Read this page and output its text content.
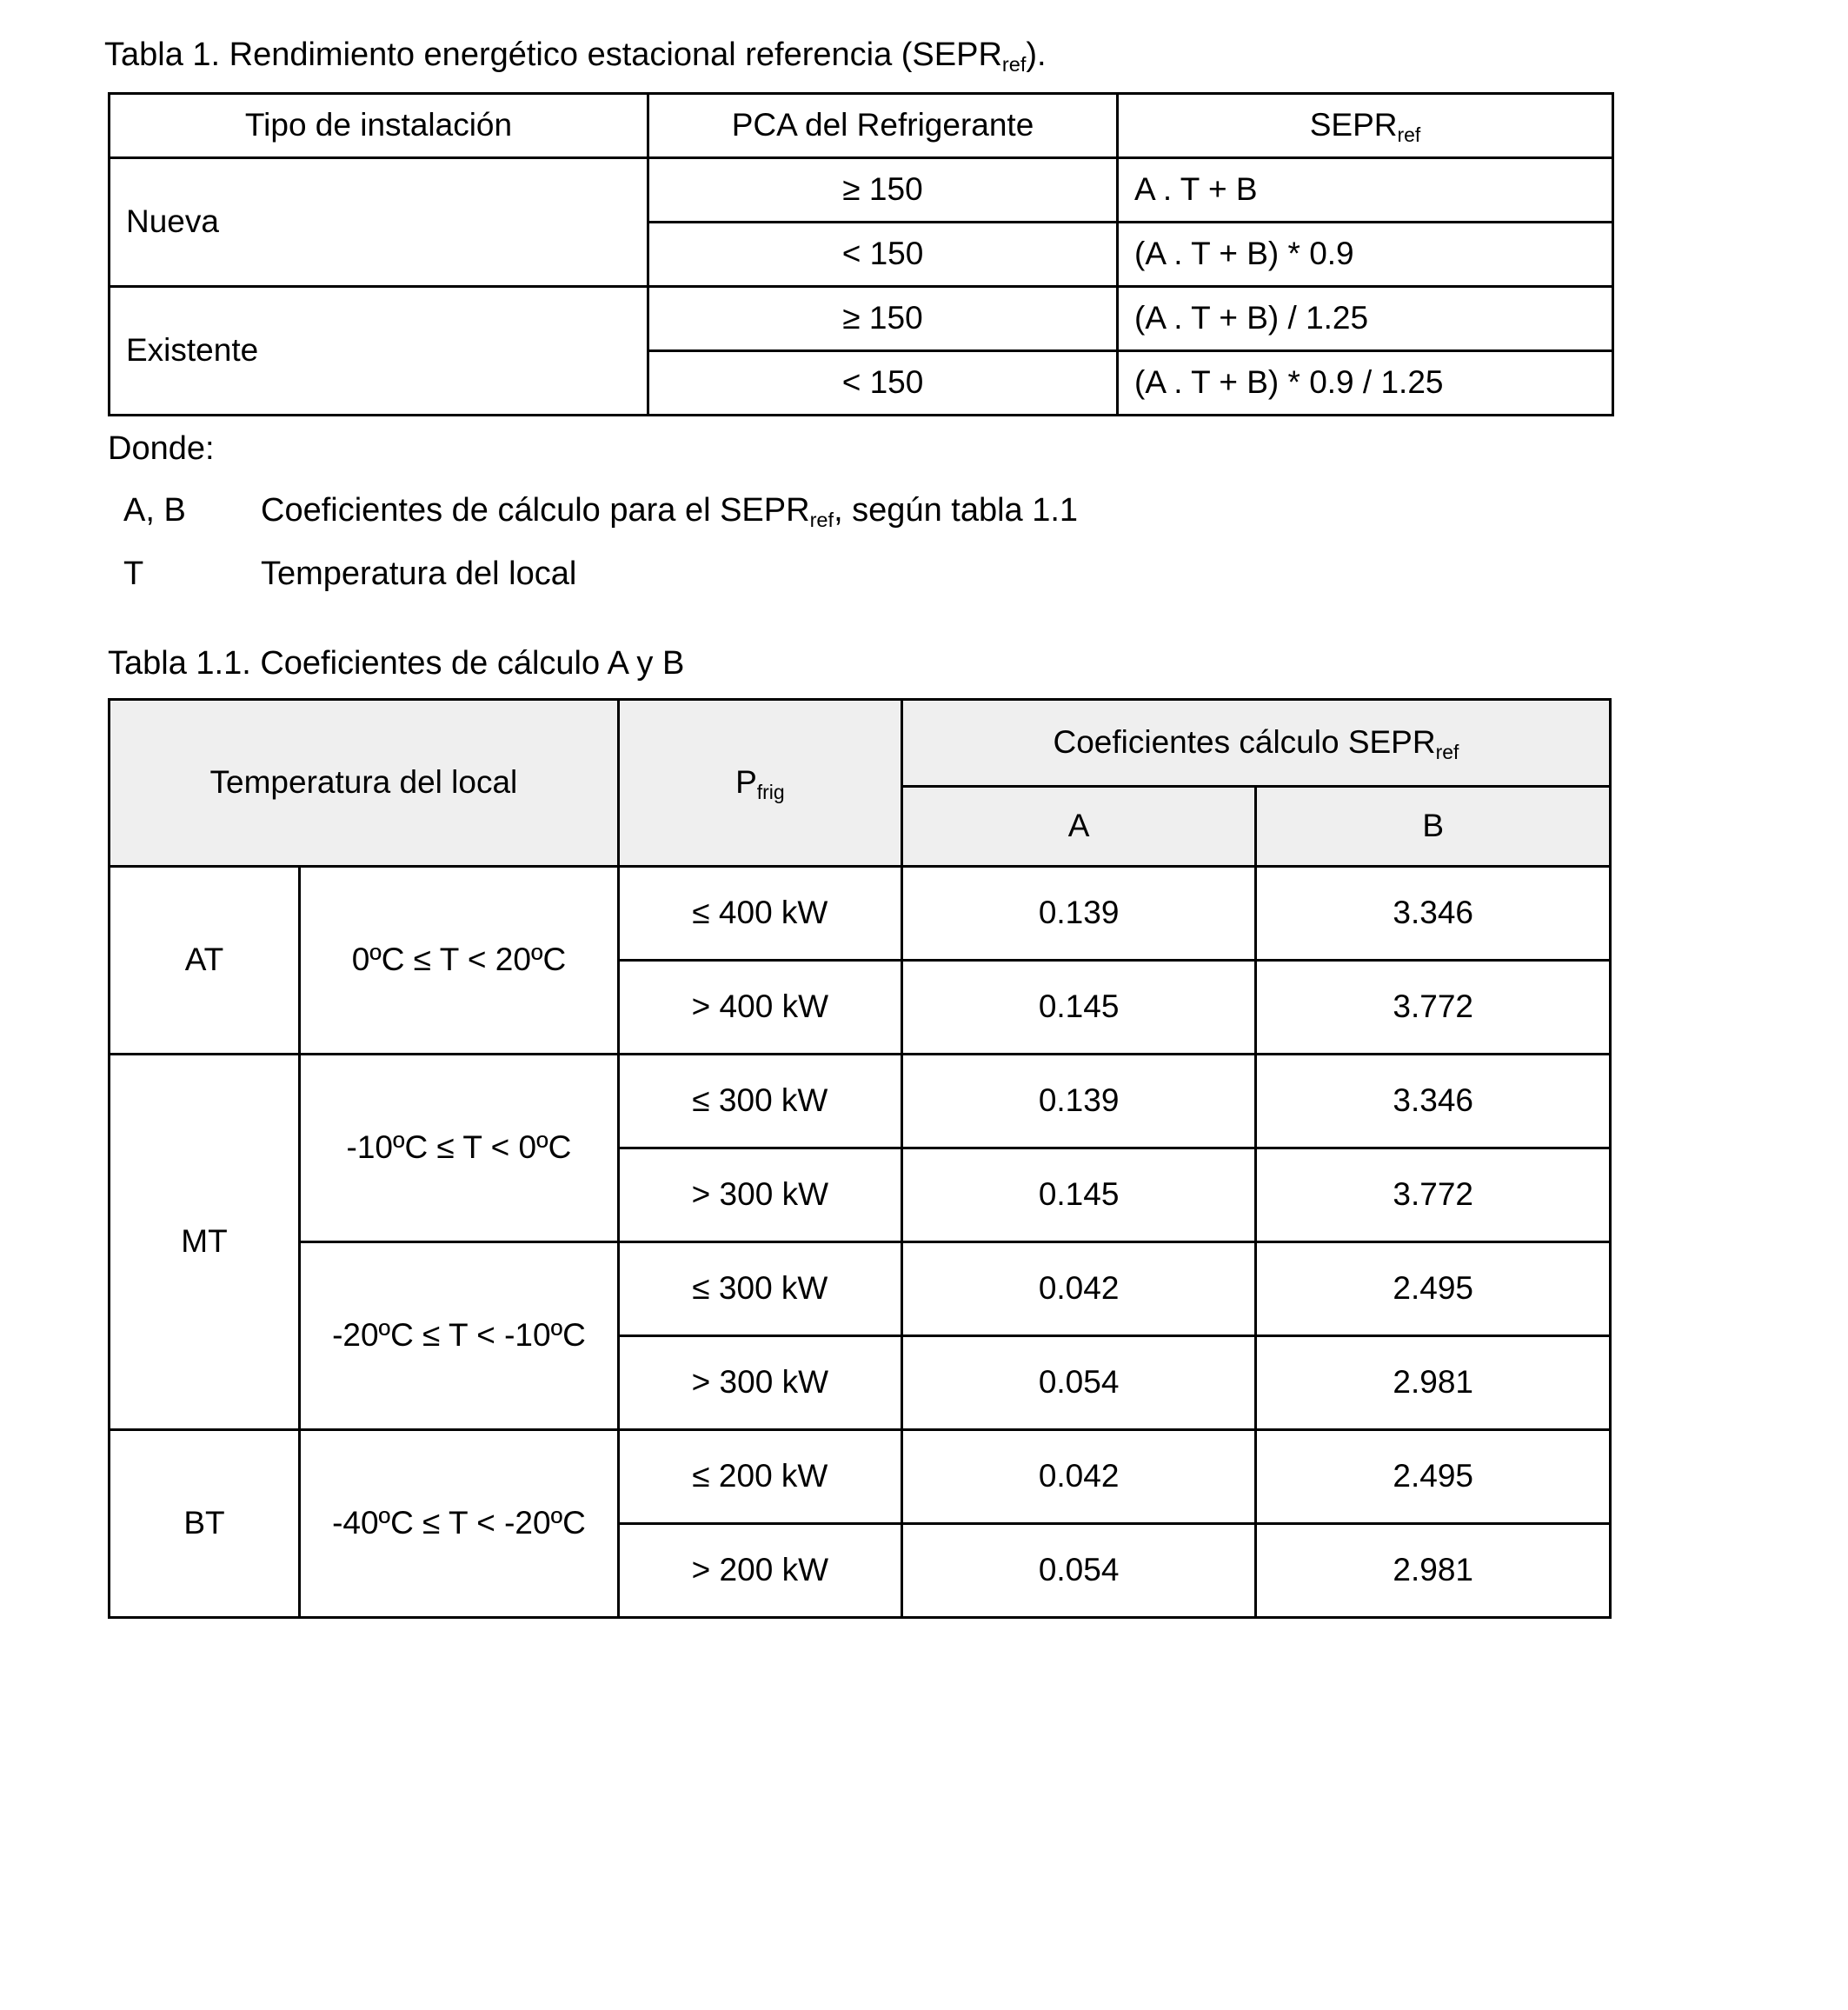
Tabla 1. Rendimiento energético estacional referencia $(SEPR_{ref})$.

Tipo de instalación	PCA del Refrigerante	$SEPR_{ref}$
Nueva	≥ 150	A . T + B
	< 150	(A . T + B) * 0.9
Existente	≥ 150	(A . T + B) / 1.25
	< 150	(A . T + B) * 0.9 / 1.25

Donde:

A, B	Coeficientes de cálculo para el $SEPR_{ref}$, según tabla 1.1
T	Temperatura del local

Tabla 1.1. Coeficientes de cálculo A y B

Temperatura del local		$P_{frig}$	Coeficientes cálculo $SEPR_{ref}$
			A	B
AT	0ºC ≤ T < 20ºC	≤ 400 kW	0.139	3.346
		> 400 kW	0.145	3.772
MT	-10ºC ≤ T < 0ºC	≤ 300 kW	0.139	3.346
		> 300 kW	0.145	3.772
	-20ºC ≤ T < -10ºC	≤ 300 kW	0.042	2.495
		> 300 kW	0.054	2.981
BT	-40ºC ≤ T < -20ºC	≤ 200 kW	0.042	2.495
		> 200 kW	0.054	2.981
